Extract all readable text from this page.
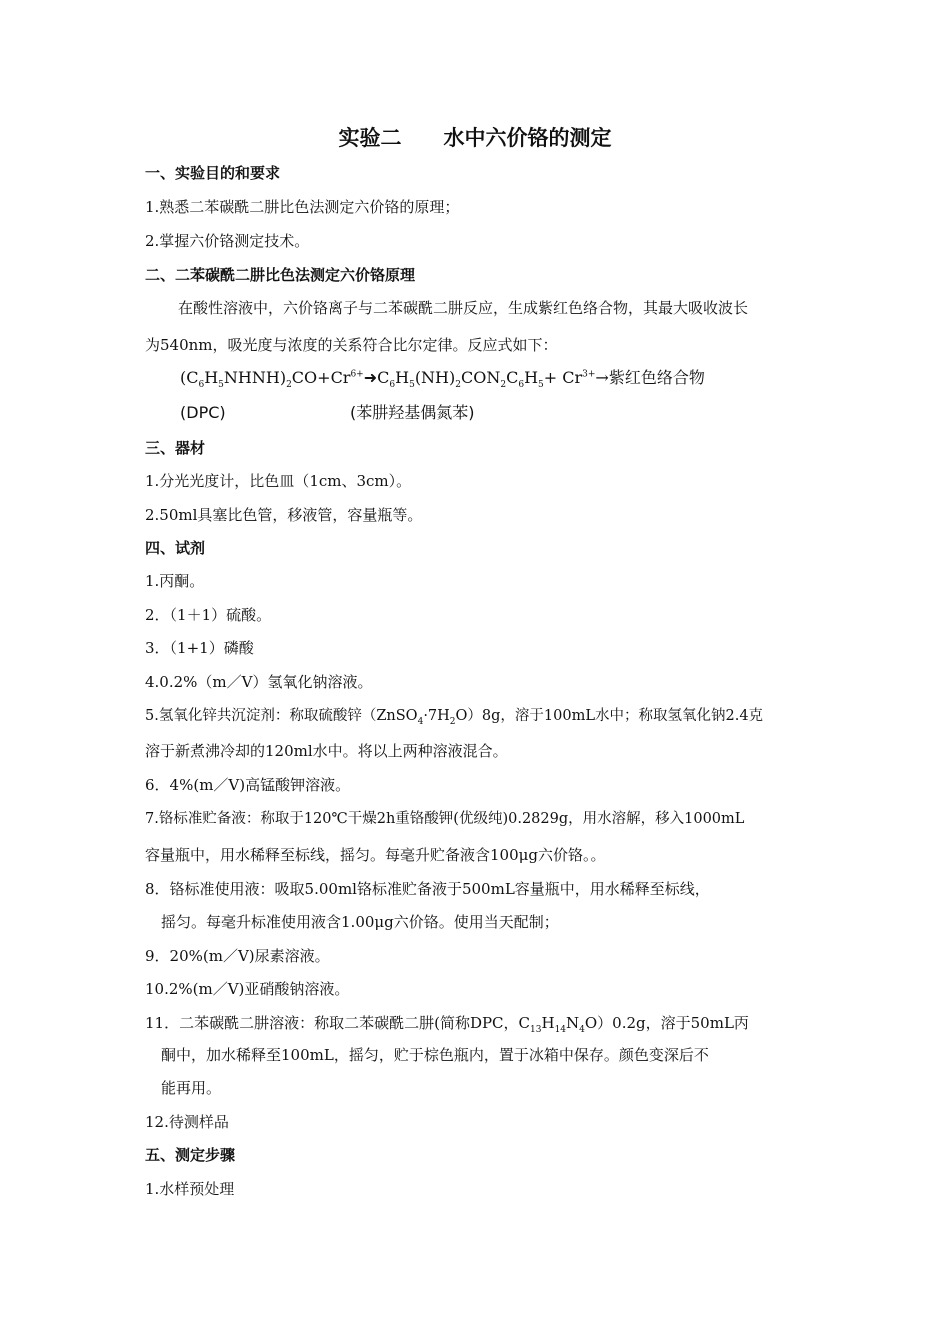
实验二　　水中六价铬的测定
一、实验目的和要求
1.熟悉二苯碳酰二肼比色法测定六价铬的原理；
2.掌握六价铬测定技术。
二、二苯碳酰二肼比色法测定六价铬原理
在酸性溶液中，六价铬离子与二苯碳酰二肼反应，生成紫红色络合物，其最大吸收波长
为540nm，吸光度与浓度的关系符合比尔定律。反应式如下：
$(C_6H_5NHNH)_2CO+Cr^{6+}➜C_6H_5(NH)_2CON_2C_6H_5+ Cr^{3+}\to$紫红色络合物
(DPC)	(苯肼羟基偶氮苯)
三、器材
1.分光光度计，比色皿（1cm、3cm）。
2.50ml具塞比色管，移液管，容量瓶等。
四、试剂
1.丙酮。
2．（1＋1）硫酸。
3．（1+1）磷酸
4.0.2%（m／V）氢氧化钠溶液。
5.氢氧化锌共沉淀剂：称取硫酸锌$(ZnSO_4\cdot 7H_2O)8g$，溶于100mL水中；称取氢氧化钠2.4克
溶于新煮沸冷却的120ml水中。将以上两种溶液混合。
6．4%(m／V)高锰酸钾溶液。
7.铬标准贮备液：称取于120℃干燥2h重铬酸钾(优级纯)0.2829g，用水溶解，移入1000mL
容量瓶中，用水稀释至标线，摇匀。每毫升贮备液含100μg六价铬。。
8．铬标准使用液：吸取5.00ml铬标准贮备液于500mL容量瓶中，用水稀释至标线，
摇匀。每毫升标准使用液含1.00μg六价铬。使用当天配制；
9．20%(m／V)尿素溶液。
10.2%(m／V)亚硝酸钠溶液。
11．二苯碳酰二肼溶液：称取二苯碳酰二肼(简称DPC，$C_{13}H_{14}N_4O)0.2g$，溶于50mL丙
酮中，加水稀释至100mL，摇匀，贮于棕色瓶内，置于冰箱中保存。颜色变深后不
能再用。
12.待测样品
五、测定步骤
1.水样预处理
